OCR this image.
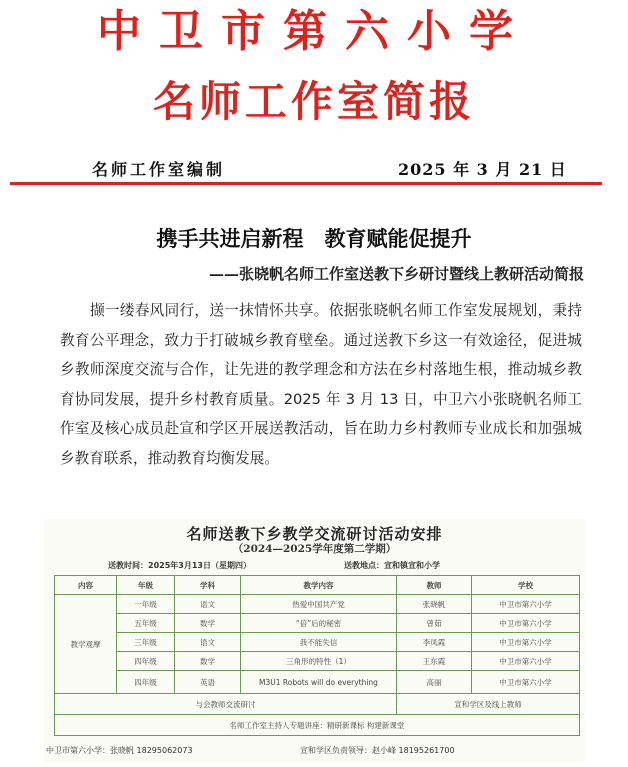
中卫市第六小学
名师工作室简报
名师工作室编制	2025 年 3 月 21 日
携手共进启新程　教育赋能促提升
——张晓帆名师工作室送教下乡研讨暨线上教研活动简报

撷一缕春风同行，送一抹情怀共享。依据张晓帆名师工作室发展规划，秉持教育公平理念，致力于打破城乡教育壁垒。通过送教下乡这一有效途径，促进城乡教师深度交流与合作，让先进的教学理念和方法在乡村落地生根，推动城乡教育协同发展，提升乡村教育质量。2025 年 3 月 13 日，中卫六小张晓帆名师工作室及核心成员赴宣和学区开展送教活动，旨在助力乡村教师专业成长和加强城乡教育联系，推动教育均衡发展。

名师送教下乡教学交流研讨活动安排
（2024—2025学年度第二学期）
送教时间：2025年3月13日（星期四）	送教地点：宣和镇宣和小学
内容	年级	学科	教学内容	教师	学校
教学观摩	一年级	语文	热爱中国共产党	张晓帆	中卫市第六小学
	五年级	数学	“倍”后的秘密	曾茹	中卫市第六小学
	三年级	语文	我不能失信	李凤霞	中卫市第六小学
	四年级	数学	三角形的特性（1）	王东霞	中卫市第六小学
	四年级	英语	M3U1 Robots will do everything	高丽	中卫市第六小学
与会教师交流研讨				宣和学区及线上教师	
名师工作室主持人专题讲座：精研新课标 构建新课堂					
中卫市第六小学：张晓帆 18295062073	宣和学区负责领导：赵小峰 18195261700
